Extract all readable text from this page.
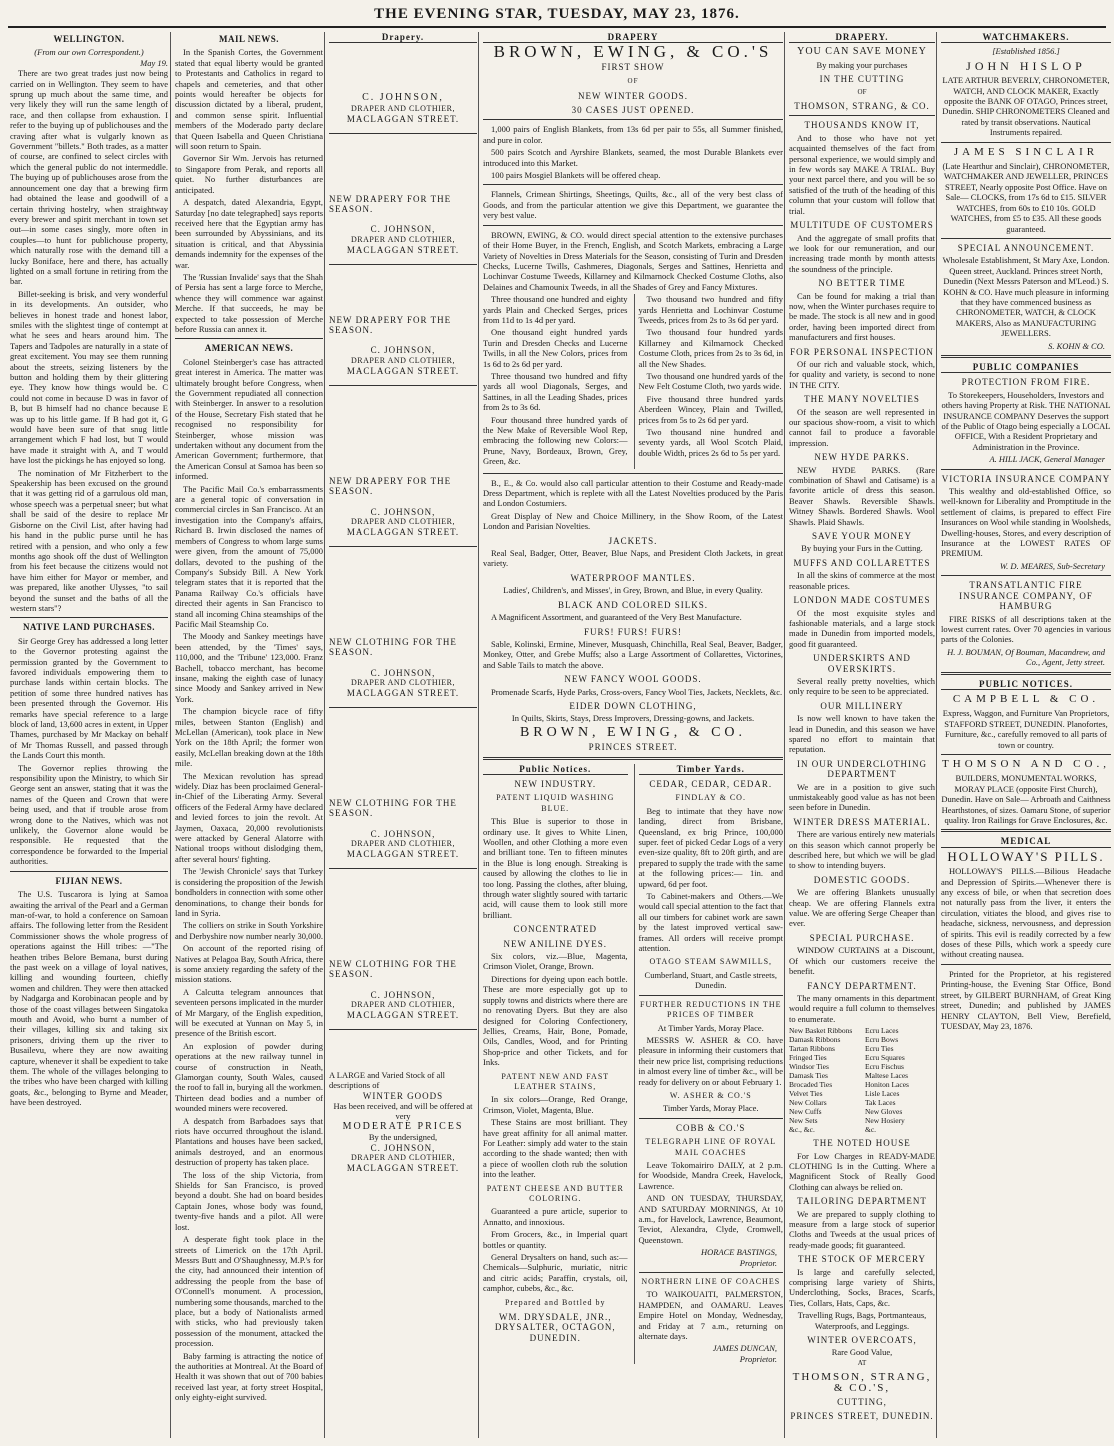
THE EVENING STAR, TUESDAY, MAY 23, 1876.
WELLINGTON.
(From our own Correspondent.)
May 19.

There are two great trades just now being carried on in Wellington. They seem to have sprung up much about the same time, and very likely they will run the same length of race, and then collapse from exhaustion. I refer to the buying up of publichouses and the craving after what is vulgarly known as Government "billets." Both trades, as a matter of course, are confined to select circles with which the general public do not intermeddle. The buying up of publichouses arose from the announcement one day that a brewing firm had obtained the lease and goodwill of a certain thriving hostelry, when straightway every brewer and spirit merchant in town set out—in some cases singly, more often in couples—to hunt for publichouse property, which naturally rose with the demand till a lucky Boniface, here and there, has actually lighted on a small fortune in retiring from the bar.

Billet-seeking is brisk, and very wonderful in its developments. An outsider, who believes in honest trade and honest labor, smiles with the slightest tinge of contempt at what he sees and hears around him. The Tapers and Tadpoles are naturally in a state of great excitement. You may see them running about the streets, seizing listeners by the button and holding them by their glittering eye. They know how things would be. C could not come in because D was in favor of B, but B himself had no chance because E was up to his little game. If B had got it, G would have been sure of that snug little arrangement which F had lost, but T would have made it straight with A, and T would have lost the pickings he has enjoyed so long.

The nomination of Mr Fitzherbert to the Speakership has been excused on the ground that it was getting rid of a garrulous old man, whose speech was a perpetual sneer; but what shall be said of the desire to replace Mr Gisborne on the Civil List, after having had his hand in the public purse until he has retired with a pension, and who only a few months ago shook off the dust of Wellington from his feet because the citizens would not have him either for Mayor or member, and was prepared, like another Ulysses, "to sail beyond the sunset and the baths of all the western stars"?

NATIVE LAND PURCHASES.

Sir George Grey has addressed a long letter to the Governor protesting against the permission granted by the Government to favored individuals empowering them to purchase lands within certain blocks. The petition of some three hundred natives has been presented through the Governor. His remarks have special reference to a large block of land, 13,600 acres in extent, in Upper Thames, purchased by Mr Mackay on behalf of Mr Thomas Russell, and passed through the Lands Court this month.

The Governor replies throwing the responsibility upon the Ministry, to which Sir George sent an answer, stating that it was the names of the Queen and Crown that were being used, and that if trouble arose from wrong done to the Natives, which was not unlikely, the Governor alone would be responsible. He requested that the correspondence be forwarded to the Imperial authorities.

FIJIAN NEWS.

The U.S. Tuscarora is lying at Samoa awaiting the arrival of the Pearl and a German man-of-war, to hold a conference on Samoan affairs. The following letter from the Resident Commissioner shows the whole progress of operations against the Hill tribes: —"The heathen tribes Belore Bemana, burst during the past week on a village of loyal natives, killing and wounding fourteen, chiefly women and children. They were then attacked by Nadgarga and Korobinacan people and by those of the coast villages between Singatoka mouth and Avoid, who burnt a number of their villages, killing six and taking six prisoners, driving them up the river to Busailevu, where they are now awaiting capture, whenever it shall be expedient to take them. The whole of the villages belonging to the tribes who have been charged with killing goats, &c., belonging to Byrne and Meader, have been destroyed.

MAIL NEWS.

In the Spanish Cortes, the Government stated that equal liberty would be granted to Protestants and Catholics in regard to chapels and cemeteries, and that other points would hereafter be objects for discussion dictated by a liberal, prudent, and common sense spirit. Influential members of the Moderado party declare that Queen Isabella and Queen Christiana will soon return to Spain.

Governor Sir Wm. Jervois has returned to Singapore from Perak, and reports all quiet. No further disturbances are anticipated.

A despatch, dated Alexandria, Egypt, Saturday [no date telegraphed] says reports received here that the Egyptian army has been surrounded by Abyssinians, and its situation is critical, and that Abyssinia demands indemnity for the expenses of the war.

The 'Russian Invalide' says that the Shah of Persia has sent a large force to Merche, whence they will commence war against Merche. If that succeeds, he may be expected to take possession of Merche before Russia can annex it.

AMERICAN NEWS.

Colonel Steinberger's case has attracted great interest in America. The matter was ultimately brought before Congress, when the Government repudiated all connection with Steinberger. In answer to a resolution of the House, Secretary Fish stated that he recognised no responsibility for Steinberger, whose mission was undertaken without any document from the American Government; furthermore, that the American Consul at Samoa has been so informed.

The Pacific Mail Co.'s embarrassments are a general topic of conversation in commercial circles in San Francisco. At an investigation into the Company's affairs, Richard B. Irwin disclosed the names of members of Congress to whom large sums were given, from the amount of 75,000 dollars, devoted to the pushing of the Company's Subsidy Bill. A New York telegram states that it is reported that the Panama Railway Co.'s officials have directed their agents in San Francisco to stand all incoming China steamships of the Pacific Mail Steamship Co.

The Moody and Sankey meetings have been attended, by the 'Times' says, 110,000, and the 'Tribune' 123,000. Franz Bachell, tobacco merchant, has become insane, making the eighth case of lunacy since Moody and Sankey arrived in New York.

The champion bicycle race of fifty miles, between Stanton (English) and McLellan (American), took place in New York on the 18th April; the former won easily, McLellan breaking down at the 18th mile.

The Mexican revolution has spread widely. Diaz has been proclaimed General-in-Chief of the Liberating Army. Several officers of the Federal Army have declared and levied forces to join the revolt. At Jaymen, Oaxaca, 20,000 revolutionists were attacked by General Alatorre with National troops without dislodging them, after several hours' fighting.

The 'Jewish Chronicle' says that Turkey is considering the proposition of the Jewish bondholders in connection with some other denominations, to change their bonds for land in Syria.

The colliers on strike in South Yorkshire and Derbyshire now number nearly 30,000.

On account of the reported rising of Natives at Pelagoa Bay, South Africa, there is some anxiety regarding the safety of the mission stations.

A Calcutta telegram announces that seventeen persons implicated in the murder of Mr Margary, of the English expedition, will be executed at Yunnan on May 5, in presence of the British escort.

An explosion of powder during operations at the new railway tunnel in course of construction in Neath, Glamorgan county, South Wales, caused the roof to fall in, burying all the workmen. Thirteen dead bodies and a number of wounded miners were recovered.

A despatch from Barbadoes says that riots have occurred throughout the island. Plantations and houses have been sacked, animals destroyed, and an enormous destruction of property has taken place.

The loss of the ship Victoria, from Shields for San Francisco, is proved beyond a doubt. She had on board besides Captain Jones, whose body was found, twenty-five hands and a pilot. All were lost.

A desperate fight took place in the streets of Limerick on the 17th April. Messrs Butt and O'Shaughnessy, M.P.'s for the city, had announced their intention of addressing the people from the base of O'Connell's monument. A procession, numbering some thousands, marched to the place, but a body of Nationalists armed with sticks, who had previously taken possession of the monument, attacked the procession.

Baby farming is attracting the notice of the authorities at Montreal. At the Board of Health it was shown that out of 700 babies received last year, at forty street Hospital, only eighty-eight survived.

Drapery.
C. JOHNSON,
DRAPER AND CLOTHIER,
MACLAGGAN STREET.
NEW DRAPERY FOR THE SEASON.
C. JOHNSON,
DRAPER AND CLOTHIER,
MACLAGGAN STREET.
NEW DRAPERY FOR THE SEASON.
C. JOHNSON,
DRAPER AND CLOTHIER,
MACLAGGAN STREET.
NEW DRAPERY FOR THE SEASON.
C. JOHNSON,
DRAPER AND CLOTHIER,
MACLAGGAN STREET.
NEW CLOTHING FOR THE SEASON.
C. JOHNSON,
DRAPER AND CLOTHIER,
MACLAGGAN STREET.
NEW CLOTHING FOR THE SEASON.
C. JOHNSON,
DRAPER AND CLOTHIER,
MACLAGGAN STREET.
NEW CLOTHING FOR THE SEASON.
C. JOHNSON,
DRAPER AND CLOTHIER,
MACLAGGAN STREET.
A LARGE and Varied Stock of all descriptions of
WINTER GOODS
Has been received, and will be offered at very
MODERATE PRICES
By the undersigned,
C. JOHNSON,
DRAPER AND CLOTHIER,
MACLAGGAN STREET.
DRAPERY
BROWN, EWING, & CO.'S
FIRST SHOW
OF
NEW WINTER GOODS.
30 CASES JUST OPENED.

1,000 pairs of English Blankets, from 13s 6d per pair to 55s, all Summer finished, and pure in color.

500 pairs Scotch and Ayrshire Blankets, seamed, the most Durable Blankets ever introduced into this Market.

100 pairs Mosgiel Blankets will be offered cheap.

Flannels, Crimean Shirtings, Sheetings, Quilts, &c., all of the very best class of Goods, and from the particular attention we give this Department, we guarantee the very best value.

BROWN, EWING, & CO. would direct special attention to the extensive purchases of their Home Buyer, in the French, English, and Scotch Markets, embracing a Large Variety of Novelties in Dress Materials for the Season, consisting of Turin and Dresden Checks, Lucerne Twills, Cashmeres, Diagonals, Serges and Sattines, Henrietta and Lochinvar Costume Tweeds, Killarney and Kilmarnock Checked Costume Cloths, also Delaines and Chamounix Tweeds, in all the Shades of Grey and Fancy Mixtures.

Three thousand one hundred and eighty yards Plain and Checked Serges, prices from 11d to 1s 4d per yard.

One thousand eight hundred yards Turin and Dresden Checks and Lucerne Twills, in all the New Colors, prices from 1s 6d to 2s 6d per yard.

Three thousand two hundred and fifty yards all wool Diagonals, Serges, and Sattines, in all the Leading Shades, prices from 2s to 3s 6d.

Four thousand three hundred yards of the New Make of Reversible Wool Rep, embracing the following new Colors:—Prune, Navy, Bordeaux, Brown, Grey, Green, &c.

Two thousand two hundred and fifty yards Henrietta and Lochinvar Costume Tweeds, prices from 2s to 3s 6d per yard.

Two thousand four hundred yards Killarney and Kilmarnock Checked Costume Cloth, prices from 2s to 3s 6d, in all the New Shades.

Two thousand one hundred yards of the New Felt Costume Cloth, two yards wide.

Five thousand three hundred yards Aberdeen Wincey, Plain and Twilled, prices from 5s to 2s 6d per yard.

Two thousand nine hundred and seventy yards, all Wool Scotch Plaid, double Width, prices 2s 6d to 5s per yard.

B., E., & Co. would also call particular attention to their Costume and Ready-made Dress Department, which is replete with all the Latest Novelties produced by the Paris and London Costumiers.

Great Display of New and Choice Millinery, in the Show Room, of the Latest London and Parisian Novelties.

JACKETS.

Real Seal, Badger, Otter, Beaver, Blue Naps, and President Cloth Jackets, in great variety.

WATERPROOF MANTLES.

Ladies', Children's, and Misses', in Grey, Brown, and Blue, in every Quality.

BLACK AND COLORED SILKS.

A Magnificent Assortment, and guaranteed of the Very Best Manufacture.

FURS! FURS! FURS!

Sable, Kolinski, Ermine, Minever, Musquash, Chinchilla, Real Seal, Beaver, Badger, Monkey, Otter, and Grebe Muffs; also a Large Assortment of Collarettes, Victorines, and Sable Tails to match the above.

NEW FANCY WOOL GOODS.

Promenade Scarfs, Hyde Parks, Cross-overs, Fancy Wool Ties, Jackets, Necklets, &c.

EIDER DOWN CLOTHING,

In Quilts, Skirts, Stays, Dress Improvers, Dressing-gowns, and Jackets.

BROWN, EWING, & CO.
PRINCES STREET.
Public Notices.
NEW INDUSTRY.
PATENT LIQUID WASHING BLUE.

This Blue is superior to those in ordinary use. It gives to White Linen, Woollen, and other Clothing a more even and brilliant tone. Ten to fifteen minutes in the Blue is long enough. Streaking is caused by allowing the clothes to lie in too long. Passing the clothes, after bluing, through water slightly soured with tartaric acid, will cause them to look still more brilliant.

CONCENTRATED
NEW ANILINE DYES.

Six colors, viz.—Blue, Magenta, Crimson Violet, Orange, Brown.

Directions for dyeing upon each bottle. These are more especially got up to supply towns and districts where there are no renovating Dyers. But they are also designed for Coloring Confectionery, Jellies, Creams, Hair, Bone, Pomade, Oils, Candles, Wood, and for Printing Shop-price and other Tickets, and for Inks.

PATENT NEW AND FAST LEATHER STAINS,

In six colors—Orange, Red Orange, Crimson, Violet, Magenta, Blue.

These Stains are most brilliant. They have great affinity for all animal matter. For Leather: simply add water to the stain according to the shade wanted; then with a piece of woollen cloth rub the solution into the leather.

PATENT CHEESE AND BUTTER COLORING.

Guaranteed a pure article, superior to Annatto, and innoxious.

From Grocers, &c., in Imperial quart bottles or quantity.

General Drysalters on hand, such as:—Chemicals—Sulphuric, muriatic, nitric and citric acids; Paraffin, crystals, oil, camphor, cubebs, &c., &c.

Prepared and Bottled by
WM. DRYSDALE, JNR., DRYSALTER, OCTAGON, DUNEDIN.
Timber Yards.
CEDAR, CEDAR, CEDAR.
FINDLAY & CO.

Beg to intimate that they have now landing, direct from Brisbane, Queensland, ex brig Prince, 100,000 super. feet of picked Cedar Logs of a very even-size quality, 8ft to 20ft girth, and are prepared to supply the trade with the same at the following prices:— 1in. and upward, 6d per foot.

To Cabinet-makers and Others.—We would call special attention to the fact that all our timbers for cabinet work are sawn by the latest improved vertical saw-frames. All orders will receive prompt attention.

OTAGO STEAM SAWMILLS,

Cumberland, Stuart, and Castle streets, Dunedin.

FURTHER REDUCTIONS IN THE PRICES OF TIMBER

At Timber Yards, Moray Place.

MESSRS W. ASHER & CO. have pleasure in informing their customers that their new price list, comprising reductions in almost every line of timber &c., will be ready for delivery on or about February 1.

W. ASHER & CO.'S

Timber Yards, Moray Place.

COBB & CO.'S
TELEGRAPH LINE OF ROYAL MAIL COACHES

Leave Tokomairiro DAILY, at 2 p.m. for Woodside, Mandra Creek, Havelock, Lawrence.

AND ON TUESDAY, THURSDAY, AND SATURDAY MORNINGS, At 10 a.m., for Havelock, Lawrence, Beaumont, Teviot, Alexandra, Clyde, Cromwell, Queenstown.

HORACE BASTINGS,
Proprietor.
NORTHERN LINE OF COACHES

TO WAIKOUAITI, PALMERSTON, HAMPDEN, and OAMARU. Leaves Empire Hotel on Monday, Wednesday, and Friday at 7 a.m., returning on alternate days.

JAMES DUNCAN,
Proprietor.
DRAPERY.
YOU CAN SAVE MONEY
By making your purchases
IN THE CUTTING
OF
THOMSON, STRANG, & CO.
THOUSANDS KNOW IT,

And to those who have not yet acquainted themselves of the fact from personal experience, we would simply and in few words say MAKE A TRIAL. Buy your next parcel there, and you will be so satisfied of the truth of the heading of this column that your custom will follow that trial.

MULTITUDE OF CUSTOMERS

And the aggregate of small profits that we look for our remuneration, and our increasing trade month by month attests the soundness of the principle.

NO BETTER TIME

Can be found for making a trial than now, when the Winter purchases require to be made. The stock is all new and in good order, having been imported direct from manufacturers and first houses.

FOR PERSONAL INSPECTION

Of our rich and valuable stock, which, for quality and variety, is second to none IN THE CITY.

THE MANY NOVELTIES

Of the season are well represented in our spacious show-room, a visit to which cannot fail to produce a favorable impression.

NEW HYDE PARKS.

NEW HYDE PARKS. (Rare combination of Shawl and Catisame) is a favorite article of dress this season. Beaver Shawls. Reversible Shawls. Witney Shawls. Bordered Shawls. Wool Shawls. Plaid Shawls.

SAVE YOUR MONEY

By buying your Furs in the Cutting.

MUFFS AND COLLARETTES

In all the skins of commerce at the most reasonable prices.

LONDON MADE COSTUMES

Of the most exquisite styles and fashionable materials, and a large stock made in Dunedin from imported models, good fit guaranteed.

UNDERSKIRTS AND OVERSKIRTS.

Several really pretty novelties, which only require to be seen to be appreciated.

OUR MILLINERY

Is now well known to have taken the lead in Dunedin, and this season we have spared no effort to maintain that reputation.

IN OUR UNDERCLOTHING DEPARTMENT

We are in a position to give such unmistakeably good value as has not been seen before in Dunedin.

WINTER DRESS MATERIAL.

There are various entirely new materials on this season which cannot properly be described here, but which we will be glad to show to intending buyers.

DOMESTIC GOODS.

We are offering Blankets unusually cheap. We are offering Flannels extra value. We are offering Serge Cheaper than ever.

SPECIAL PURCHASE.

WINDOW CURTAINS at a Discount, Of which our customers receive the benefit.

FANCY DEPARTMENT.

The many ornaments in this department would require a full column to themselves to enumerate.

New Basket Ribbons
Damask Ribbons
Tartan Ribbons
Fringed Ties
Windsor Ties
Damask Ties
Brocaded Ties
Velvet Ties
New Collars
New Cuffs
New Sets
&c., &c.
Ecru Laces
Ecru Bows
Ecru Ties
Ecru Squares
Ecru Fischus
Maltese Laces
Honiton Laces
Lisle Laces
Tak Laces
New Gloves
New Hosiery
&c.
THE NOTED HOUSE

For Low Charges in READY-MADE CLOTHING Is in the Cutting. Where a Magnificent Stock of Really Good Clothing can always be relied on.

TAILORING DEPARTMENT

We are prepared to supply clothing to measure from a large stock of superior Cloths and Tweeds at the usual prices of ready-made goods; fit guaranteed.

THE STOCK OF MERCERY

Is large and carefully selected, comprising large variety of Shirts, Underclothing, Socks, Braces, Scarfs, Ties, Collars, Hats, Caps, &c.

Travelling Rugs, Bags, Portmanteaus, Waterproofs, and Leggings.
WINTER OVERCOATS,
Rare Good Value,
AT
THOMSON, STRANG, & CO.'S,
CUTTING,
PRINCES STREET, DUNEDIN.
WATCHMAKERS.
[Established 1856.]
JOHN HISLOP

LATE ARTHUR BEVERLY, CHRONOMETER, WATCH, AND CLOCK MAKER, Exactly opposite the BANK OF OTAGO, Princes street, Dunedin. SHIP CHRONOMETERS Cleaned and rated by transit observations. Nautical Instruments repaired.

JAMES SINCLAIR

(Late Hearthur and Sinclair), CHRONOMETER, WATCHMAKER AND JEWELLER, PRINCES STREET, Nearly opposite Post Office. Have on Sale— CLOCKS, from 17s 6d to £15. SILVER WATCHES, from 60s to £10 10s. GOLD WATCHES, from £5 to £35. All these goods guaranteed.

SPECIAL ANNOUNCEMENT.

Wholesale Establishment, St Mary Axe, London. Queen street, Auckland. Princes street North, Dunedin (Next Messrs Paterson and M'Leod.) S. KOHN & CO. Have much pleasure in informing that they have commenced business as CHRONOMETER, WATCH, & CLOCK MAKERS, Also as MANUFACTURING JEWELLERS.

S. KOHN & CO.
PUBLIC COMPANIES
PROTECTION FROM FIRE.

To Storekeepers, Householders, Investors and others having Property at Risk. THE NATIONAL INSURANCE COMPANY Deserves the support of the Public of Otago being especially a LOCAL OFFICE, With a Resident Proprietary and Administration in the Province.

A. HILL JACK, General Manager
VICTORIA INSURANCE COMPANY

This wealthy and old-established Office, so well-known for Liberality and Promptitude in the settlement of claims, is prepared to effect Fire Insurances on Wool while standing in Woolsheds, Dwelling-houses, Stores, and every description of Insurance at the LOWEST RATES OF PREMIUM.

W. D. MEARES, Sub-Secretary
TRANSATLANTIC FIRE INSURANCE COMPANY, OF HAMBURG

FIRE RISKS of all descriptions taken at the lowest current rates. Over 70 agencies in various parts of the Colonies.

H. J. BOUMAN, Of Bouman, Macandrew, and Co., Agent, Jetty street.
PUBLIC NOTICES.
CAMPBELL & CO.

Express, Waggon, and Furniture Van Proprietors, STAFFORD STREET, DUNEDIN. Planofortes, Furniture, &c., carefully removed to all parts of town or country.

THOMSON AND CO.,

BUILDERS, MONUMENTAL WORKS, MORAY PLACE (opposite First Church), Dunedin. Have on Sale— Arbroath and Caithness Hearthstones, of sizes. Oamaru Stone, of superior quality. Iron Railings for Grave Enclosures, &c.

MEDICAL
HOLLOWAY'S PILLS.

HOLLOWAY'S PILLS.—Bilious Headache and Depression of Spirits.—Whenever there is any excess of bile, or when that secretion does not naturally pass from the liver, it enters the circulation, vitiates the blood, and gives rise to headache, sickness, nervousness, and depression of spirits. This evil is readily corrected by a few doses of these Pills, which work a speedy cure without creating nausea.

Printed for the Proprietor, at his registered Printing-house, the Evening Star Office, Bond street, by GILBERT BURNHAM, of Great King street, Dunedin; and published by JAMES HENRY CLAYTON, Bell View, Berefield, TUESDAY, May 23, 1876.
